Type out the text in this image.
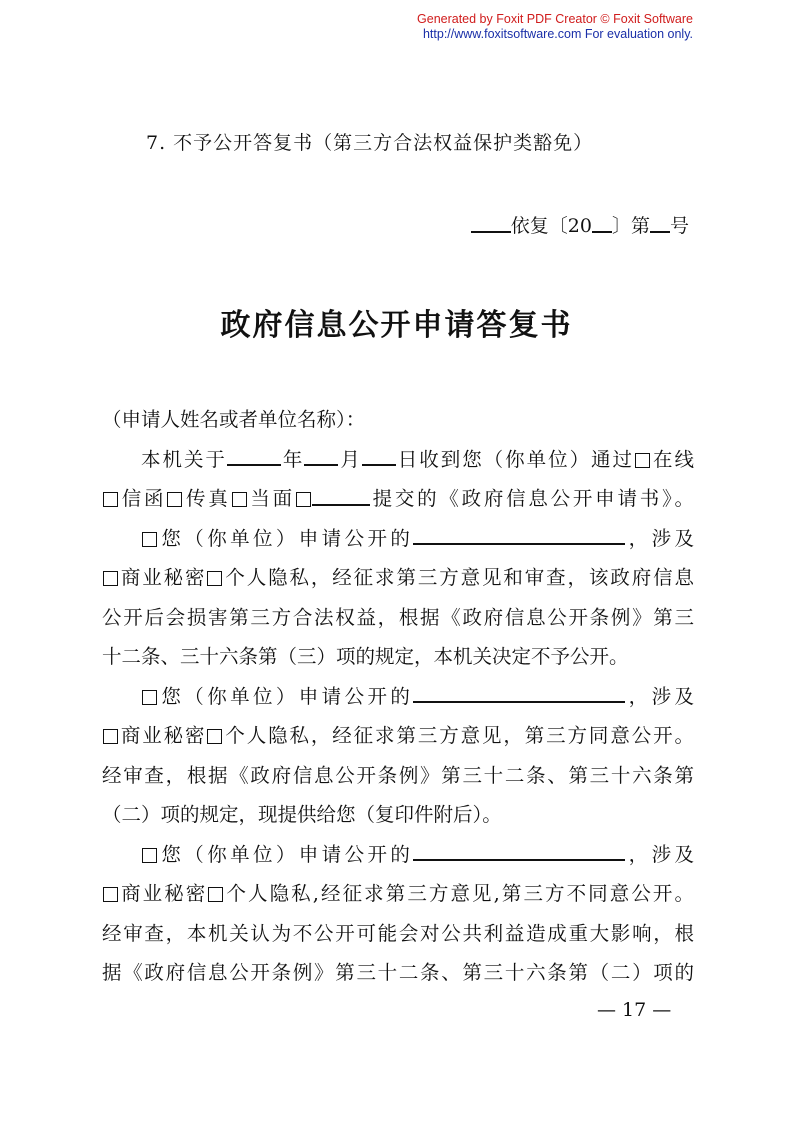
Generated by Foxit PDF Creator © Foxit Software
http://www.foxitsoftware.com For evaluation only.
7. 不予公开答复书（第三方合法权益保护类豁免）
依复〔20 〕第 号
政府信息公开申请答复书
（申请人姓名或者单位名称）：
本机关于	年 月 日收到您（你单位）通过 在线
信函 传真 当面	提交的《政府信息公开申请书》。
您（你单位）申请公开的	，涉及
商业秘密 个人隐私，经征求第三方意见和审查，该政府信息
公开后会损害第三方合法权益，根据《政府信息公开条例》第三
十二条、三十六条第（三）项的规定，本机关决定不予公开。
您（你单位）申请公开的	，涉及
商业秘密 个人隐私，经征求第三方意见，第三方同意公开。
经审查，根据《政府信息公开条例》第三十二条、第三十六条第
（二）项的规定，现提供给您（复印件附后）。
您（你单位）申请公开的	，涉及
商业秘密 个人隐私,经征求第三方意见,第三方不同意公开。
经审查，本机关认为不公开可能会对公共利益造成重大影响，根
据《政府信息公开条例》第三十二条、第三十六条第（二）项的
— 17 —
